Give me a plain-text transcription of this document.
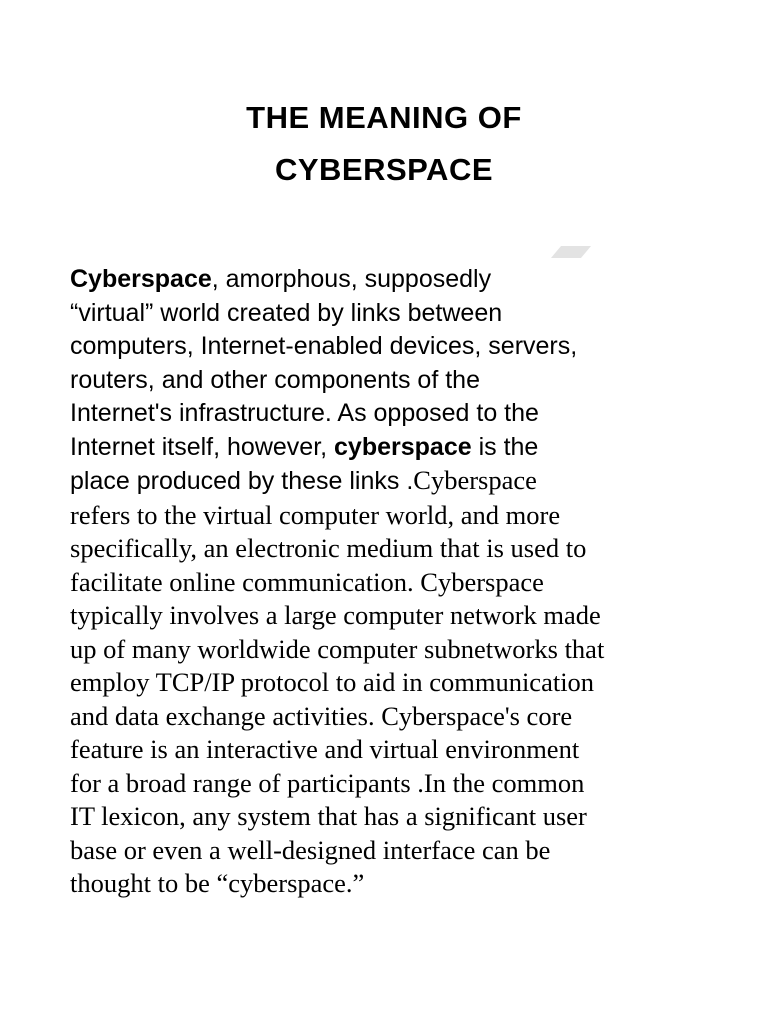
THE MEANING OF
CYBERSPACE
Cyberspace, amorphous, supposedly
“virtual” world created by links between
computers, Internet-enabled devices, servers,
routers, and other components of the
Internet's infrastructure. As opposed to the
Internet itself, however, cyberspace is the
place produced by these links .Cyberspace
refers to the virtual computer world, and more
specifically, an electronic medium that is used to
facilitate online communication. Cyberspace
typically involves a large computer network made
up of many worldwide computer subnetworks that
employ TCP/IP protocol to aid in communication
and data exchange activities. Cyberspace's core
feature is an interactive and virtual environment
for a broad range of participants .In the common
IT lexicon, any system that has a significant user
base or even a well-designed interface can be
thought to be “cyberspace.”
